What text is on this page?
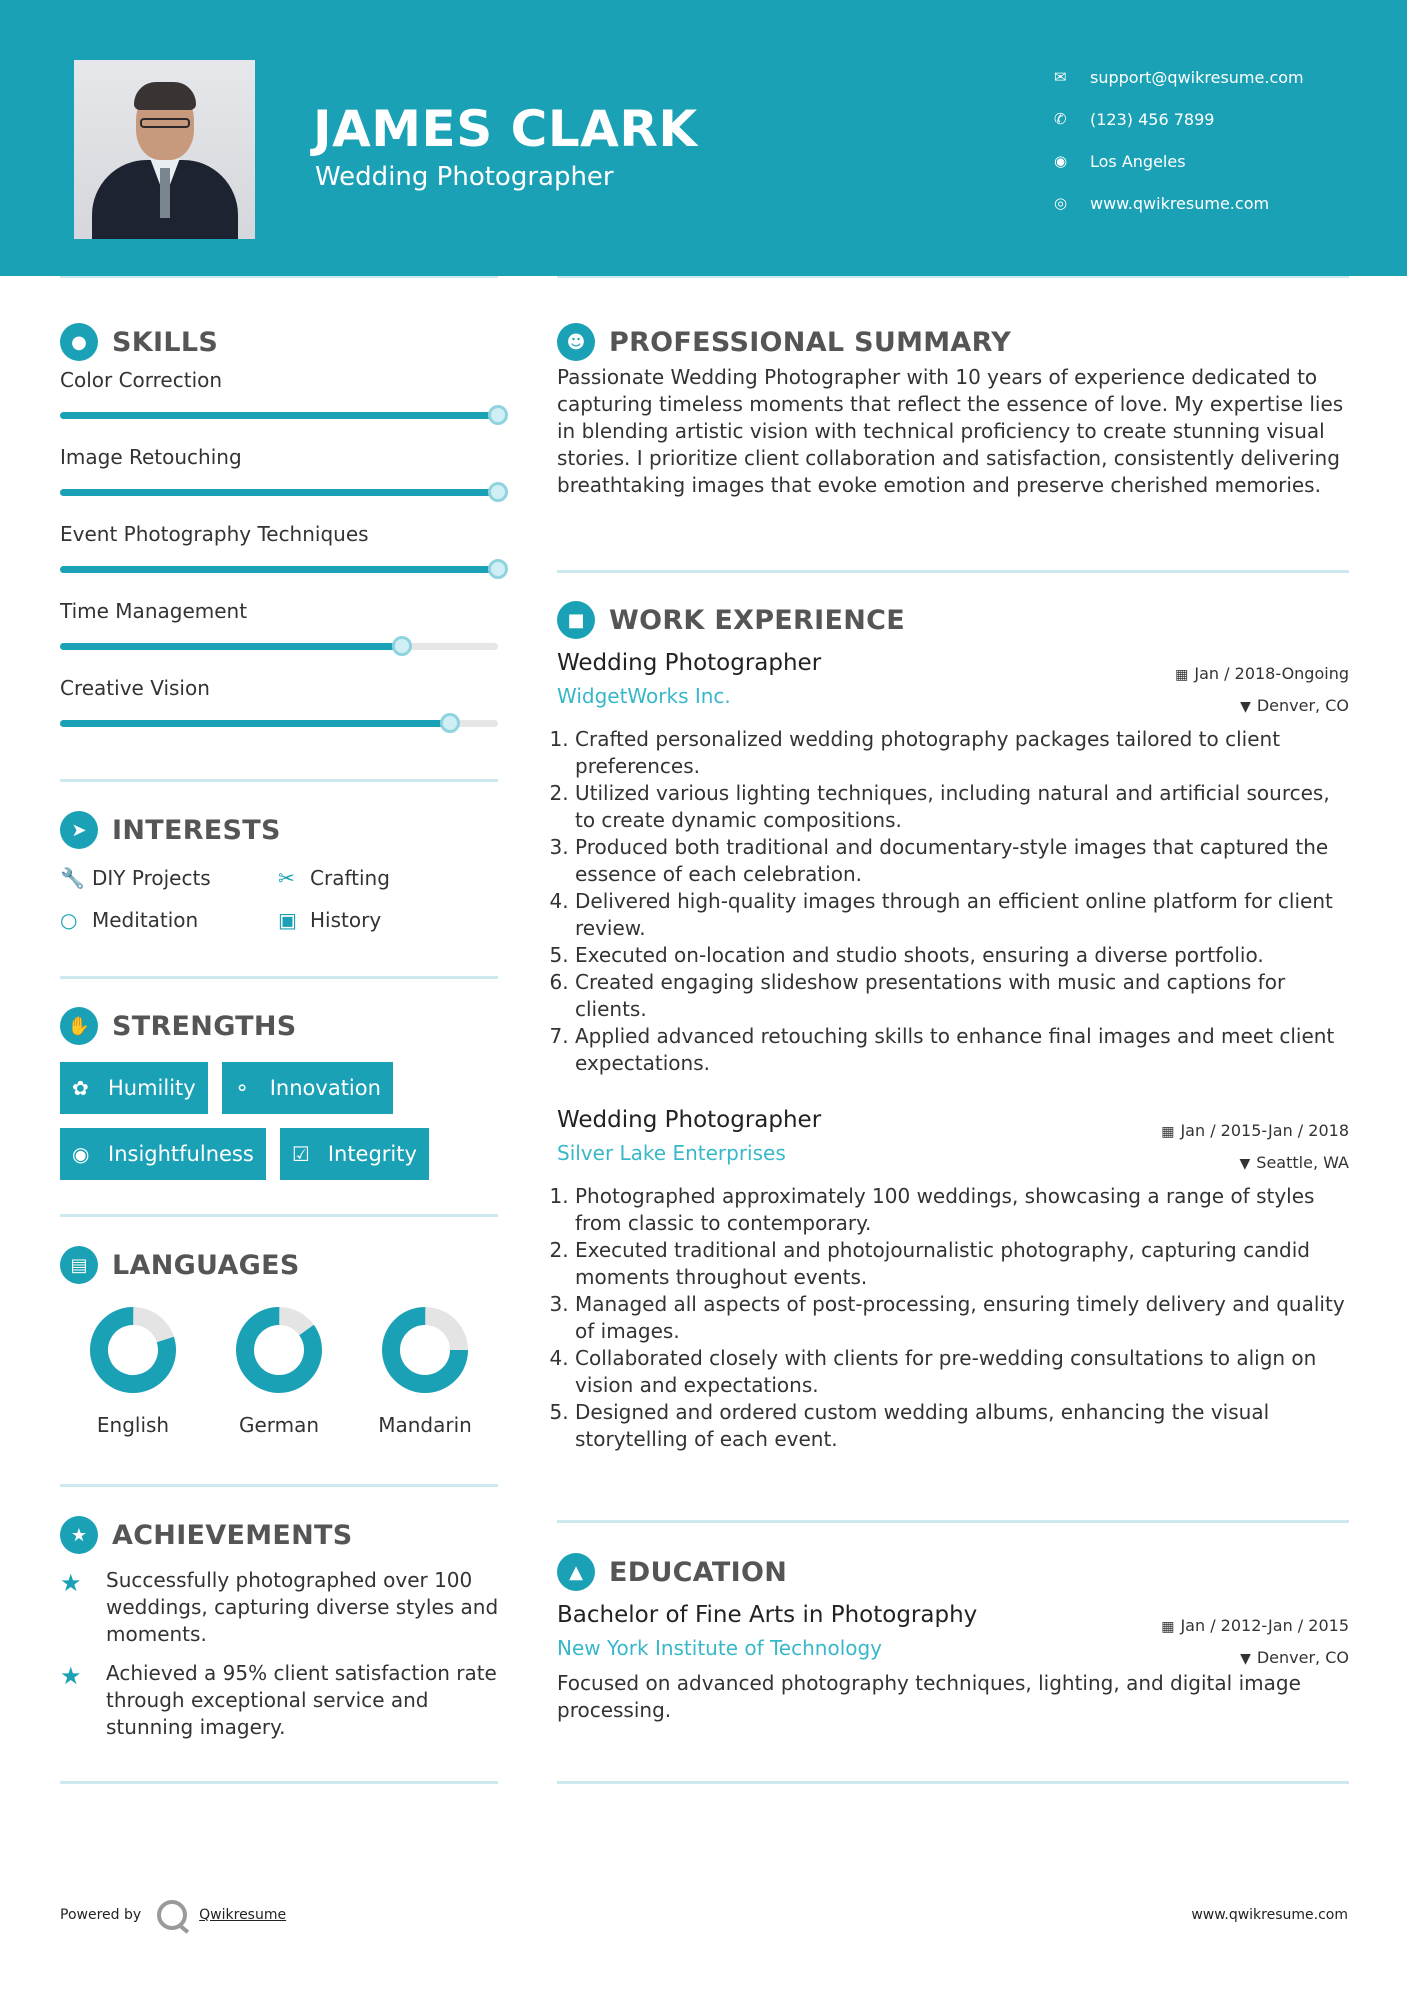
JAMES CLARK
Wedding Photographer
✉	support@qwikresume.com
✆	(123) 456 7899
◉	Los Angeles
◎	www.qwikresume.com
● SKILLS
Color Correction
Image Retouching
Event Photography Techniques
Time Management
Creative Vision
➤ INTERESTS
🔧 DIY Projects	✂ Crafting
○ Meditation	▣ History
✋ STRENGTHS
✿ Humility ⚬ Innovation
◉ Insightfulness ☑ Integrity
▤ LANGUAGES
English	German	Mandarin
★ ACHIEVEMENTS
★	Successfully photographed over 100 weddings, capturing diverse styles and moments.
★	Achieved a 95% client satisfaction rate through exceptional service and stunning imagery.
☻ PROFESSIONAL SUMMARY
Passionate Wedding Photographer with 10 years of experience dedicated to capturing timeless moments that reflect the essence of love. My expertise lies in blending artistic vision with technical proficiency to create stunning visual stories. I prioritize client collaboration and satisfaction, consistently delivering breathtaking images that evoke emotion and preserve cherished memories.
■ WORK EXPERIENCE
Wedding Photographer
WidgetWorks Inc.
▦ Jan / 2018-Ongoing
▼ Denver, CO
1. Crafted personalized wedding photography packages tailored to client preferences.
2. Utilized various lighting techniques, including natural and artificial sources, to create dynamic compositions.
3. Produced both traditional and documentary-style images that captured the essence of each celebration.
4. Delivered high-quality images through an efficient online platform for client review.
5. Executed on-location and studio shoots, ensuring a diverse portfolio.
6. Created engaging slideshow presentations with music and captions for clients.
7. Applied advanced retouching skills to enhance final images and meet client expectations.
Wedding Photographer
Silver Lake Enterprises
▦ Jan / 2015-Jan / 2018
▼ Seattle, WA
1. Photographed approximately 100 weddings, showcasing a range of styles from classic to contemporary.
2. Executed traditional and photojournalistic photography, capturing candid moments throughout events.
3. Managed all aspects of post-processing, ensuring timely delivery and quality of images.
4. Collaborated closely with clients for pre-wedding consultations to align on vision and expectations.
5. Designed and ordered custom wedding albums, enhancing the visual storytelling of each event.
▲ EDUCATION
Bachelor of Fine Arts in Photography
New York Institute of Technology
▦ Jan / 2012-Jan / 2015
▼ Denver, CO
Focused on advanced photography techniques, lighting, and digital image processing.
Powered by	Qwikresume	www.qwikresume.com
